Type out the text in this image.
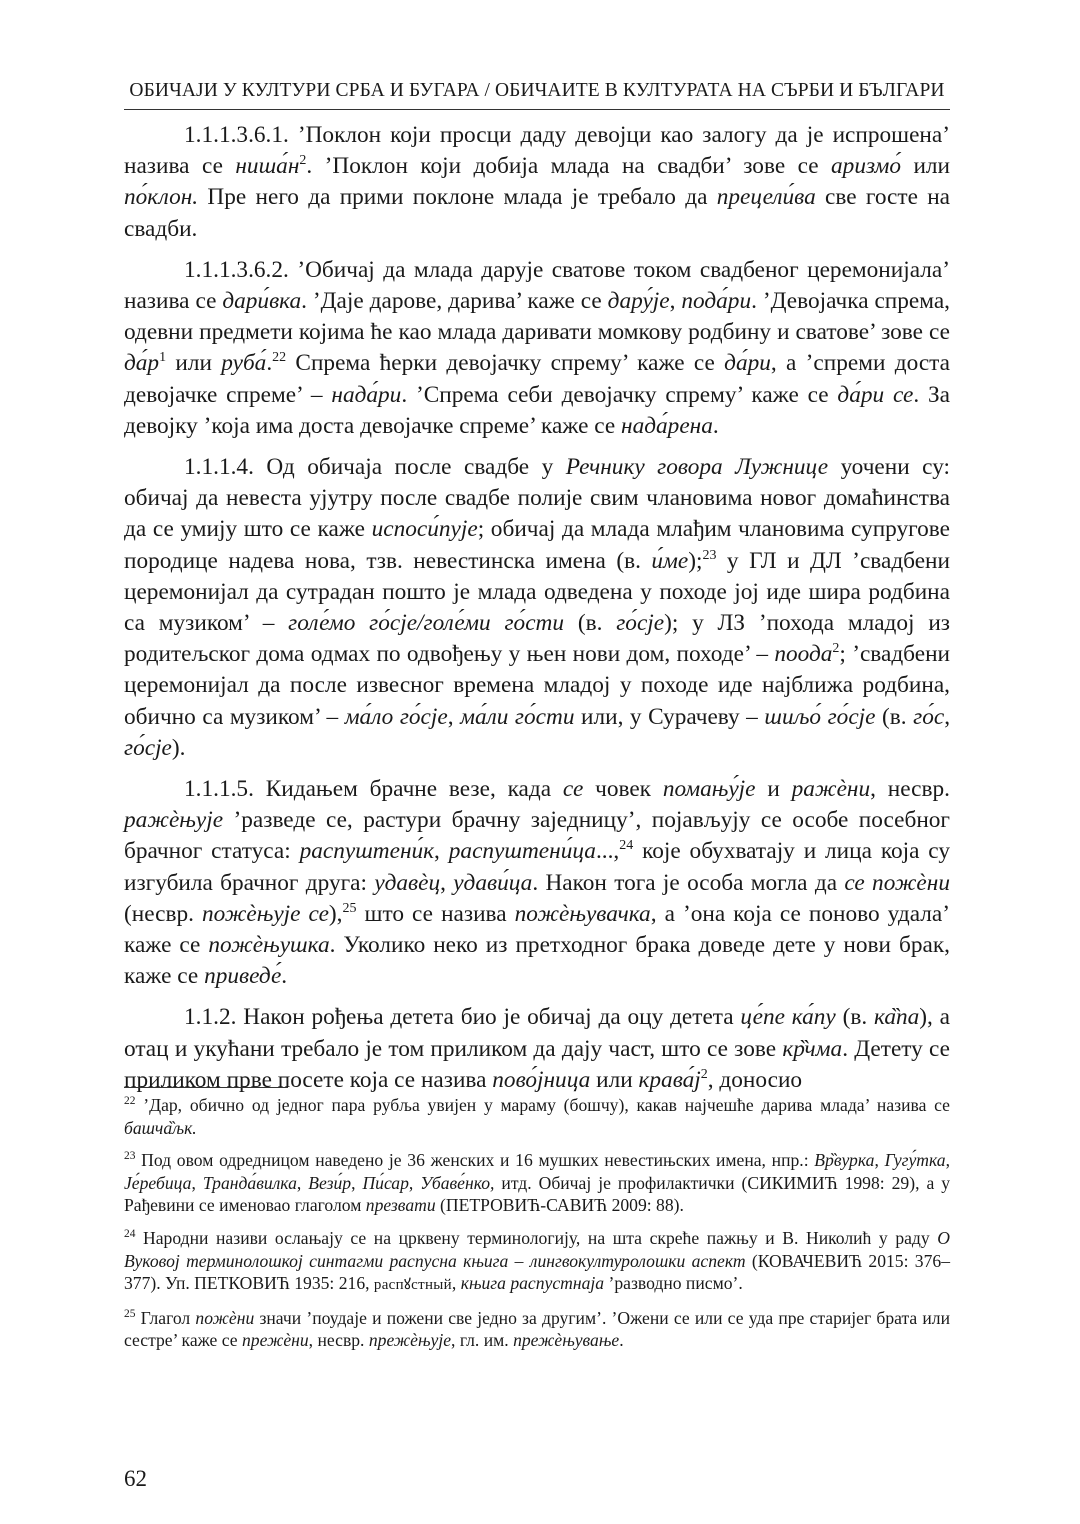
ОБИЧАЈИ У КУЛТУРИ СРБА И БУГАРА / ОБИЧАИТЕ В КУЛТУРАТА НА СЪРБИ И БЪЛГАРИ

1.1.1.3.6.1. ’Поклон који просци даду девојци као залогу да је испрошена’ назива се $ниша́н^2$. ’Поклон који добија млада на свадби’ зове се аризмо́ или по́клон. Пре него да прими поклоне млада је требало да прецели́ва све госте на свадби.

1.1.1.3.6.2. ’Обичај да млада дарује сватове током свадбеног церемонијала’ назива се дари́вка. ’Даје дарове, дарива’ каже се дару́је, пода́ри. ’Девојачка спрема, одевни предмети којима ће као млада даривати момкову родбину и сватове’ зове се $да́р^1$ или руба́.$^{22}$ Спрема ћерки девојачку спрему’ каже се да́ри, а ’спреми доста девојачке спреме’ – нада́ри. ’Спрема себи девојачку спрему’ каже се да́ри се. За девојку ’која има доста девојачке спреме’ каже се нада́рена.

1.1.1.4. Од обичаја после свадбе у Речнику говора Лужнице уочени су: обичај да невеста ујутру после свадбе полије свим члановима новог домаћинства да се умију што се каже испоси́пује; обичај да млада млађим члановима супругове породице надева нова, тзв. невестинска имена (в. и́ме);$^{23}$ у ГЛ и ДЛ ’свадбени церемонијал да сутрадан пошто је млада одведена у походе јој иде шира родбина са музиком’ – голе́мо го́сје/голе́ми го́сти (в. го́сје); у ЛЗ ’похода младој из родитељског дома одмах по одвођењу у њен нови дом, походе’ – поода$^2$; ’свадбени церемонијал да после извесног времена младој у походе иде најближа родбина, обично са музиком’ – ма́ло го́сје, ма́ли го́сти или, у Сурачеву – шиљо́ го́сје (в. го́с, го́сје).

1.1.1.5. Кидањем брачне везе, када се човек помању́је и ражѐни, несвр. ражѐњује ’разведе се, растури брачну заједницу’, појављују се особе посебног брачног статуса: распуштени́к, распуштени́ца...,$^{24}$ које обухватају и лица која су изгубила брачног друга: удавѐц, удави́ца. Након тога је особа могла да се пожѐни (несвр. пожѐњује се),$^{25}$ што се назива пожѐњувачка, а ’она која се поново удала’ каже се пожѐњушка. Уколико неко из претходног брака доведе дете у нови брак, каже се приведе́.

1.1.2. Након рођења детета био је обичај да оцу детета це́пе ка́пу (в. ка̏па), а отац и укућани требало је том приликом да дају част, што се зове кр̏чма. Детету се приликом прве посете која се назива пово́јница или $крава́ј^2$, доносио

$^{22}$ ’Дар, обично од једног пара рубља увијен у мараму (бошчу), какав најчешће дарива млада’ назива се башча̏љк.

$^{23}$ Под овом одредницом наведено је 36 женских и 16 мушких невестињских имена, нпр.: Вр̏вурка, Гугу́тка, Је́ребица, Транда́вилка, Вези́р, Пи́сар, Убаве́нко, итд. Обичај је профилактички (СИКИМИЋ 1998: 29), а у Рађевини се именовао глаголом презвати (ПЕТРОВИЋ-САВИЋ 2009: 88).

$^{24}$ Народни називи ослањају се на црквену терминологију, на шта скреће пажњу и В. Николић у раду О Вуковој терминолошкој синтагми распусна књига – лингвокултуролошки аспект (КОВАЧЕВИЋ 2015: 376–377). Уп. ПЕТКОВИЋ 1935: 216, распꙋстный, књига распустнаја ’разводно писмо’.

$^{25}$ Глагол пожѐни значи ’поудаје и пожени све једно за другим’. ’Ожени се или се уда пре старијег брата или сестре’ каже се прежѐни, несвр. прежѐњује, гл. им. прежѐњување.

62
